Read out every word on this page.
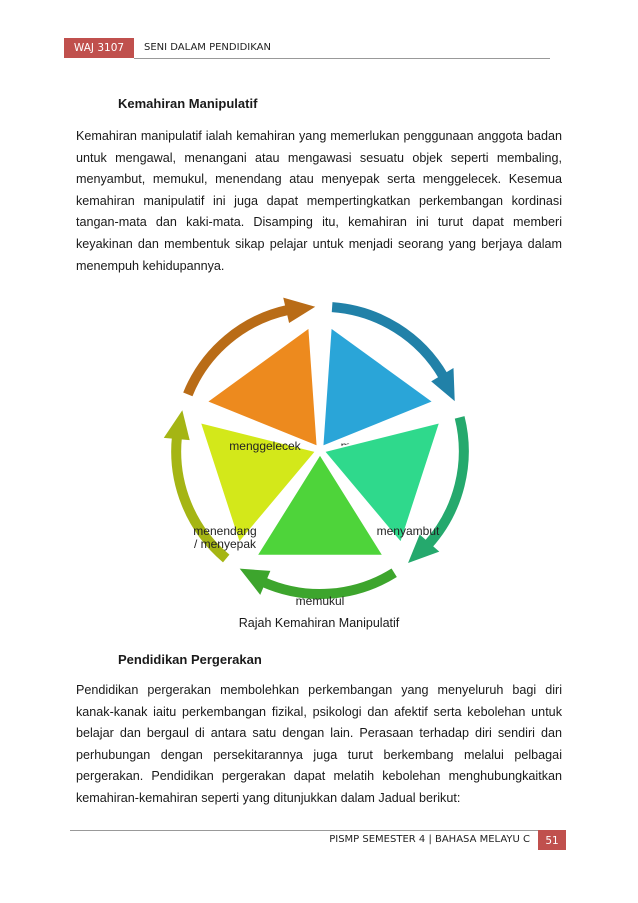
WAJ 3107	SENI DALAM PENDIDIKAN
Kemahiran Manipulatif

Kemahiran manipulatif ialah kemahiran yang memerlukan penggunaan anggota badan untuk mengawal, menangani atau mengawasi sesuatu objek seperti membaling, menyambut, memukul, menendang atau menyepak serta menggelecek. Kesemua kemahiran manipulatif ini juga dapat mempertingkatkan perkembangan kordinasi tangan-mata dan kaki-mata. Disamping itu, kemahiran ini turut dapat memberi keyakinan dan membentuk sikap pelajar untuk menjadi seorang yang berjaya dalam menempuh kehidupannya.

menyambut
memukul
menendang / menyepak
menggelecek
Rajah Kemahiran Manipulatif
Pendidikan Pergerakan

Pendidikan pergerakan membolehkan perkembangan yang menyeluruh bagi diri kanak-kanak iaitu perkembangan fizikal, psikologi dan afektif serta kebolehan untuk belajar dan bergaul di antara satu dengan lain. Perasaan terhadap diri sendiri dan perhubungan dengan persekitarannya juga turut berkembang melalui pelbagai pergerakan. Pendidikan pergerakan dapat melatih kebolehan menghubungkaitkan kemahiran-kemahiran seperti yang ditunjukkan dalam Jadual berikut:

PISMP SEMESTER 4 | BAHASA MELAYU C	51
